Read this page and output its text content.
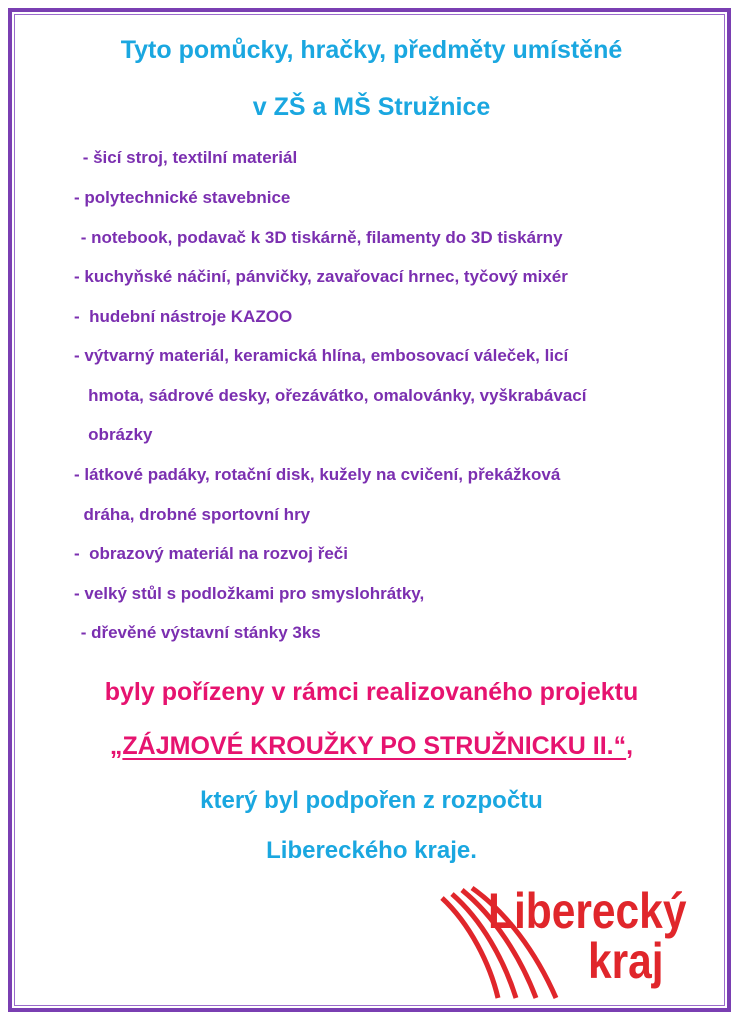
Tyto pomůcky, hračky, předměty umístěné
v ZŠ a MŠ Stružnice
- šicí stroj, textilní materiál
- polytechnické stavebnice
- notebook, podavač k 3D tiskárně, filamenty do 3D tiskárny
- kuchyňské náčiní, pánvičky, zavařovací hrnec, tyčový mixér
-  hudební nástroje KAZOO
- výtvarný materiál, keramická hlína, embosovací váleček, licí
hmota, sádrové desky, ořezávátko, omalovánky, vyškrabávací
obrázky
- látkové padáky, rotační disk, kužely na cvičení, překážková
dráha, drobné sportovní hry
-  obrazový materiál na rozvoj řeči
- velký stůl s podložkami pro smyslohrátky,
- dřevěné výstavní stánky 3ks
byly pořízeny v rámci realizovaného projektu
„ZÁJMOVÉ KROUŽKY PO STRUŽNICKU II.“,
který byl podpořen z rozpočtu
Libereckého kraje.
Liberecký
kraj
